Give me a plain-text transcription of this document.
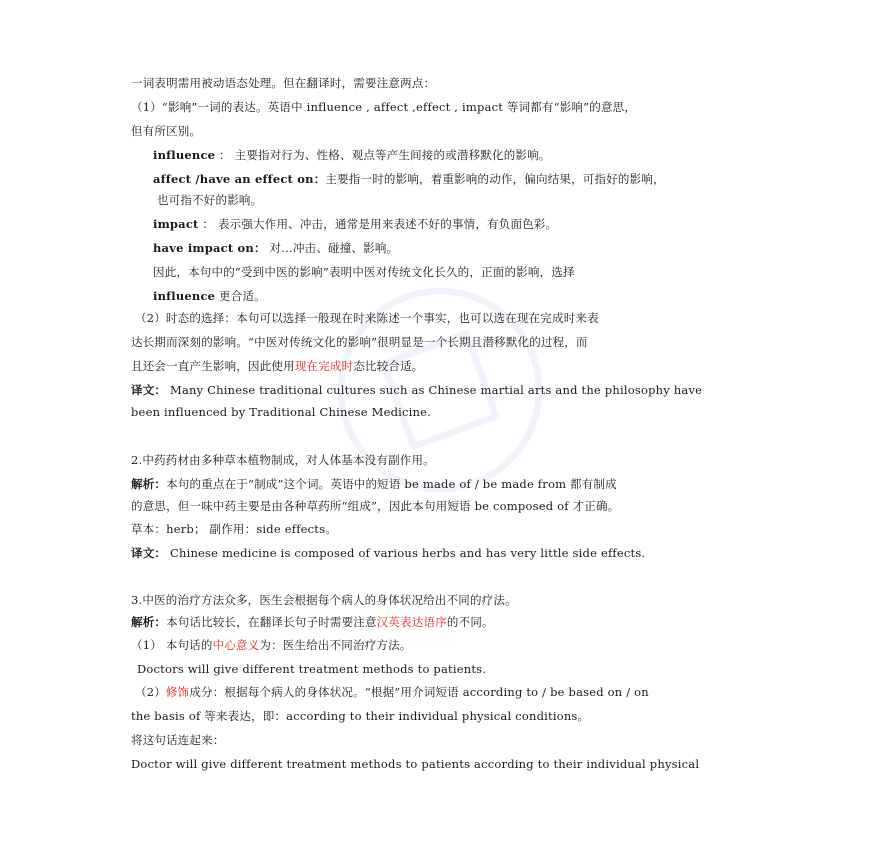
一词表明需用被动语态处理。但在翻译时，需要注意两点：
（1）“影响”一词的表达。英语中 influence , affect ,effect , impact 等词都有“影响”的意思，
但有所区别。
influence ： 主要指对行为、性格、观点等产生间接的或潜移默化的影响。
affect /have an effect on：主要指一时的影响，着重影响的动作，偏向结果，可指好的影响，
也可指不好的影响。
impact ： 表示强大作用、冲击，通常是用来表述不好的事情，有负面色彩。
have impact on： 对…冲击、碰撞、影响。
因此，本句中的“受到中医的影响”表明中医对传统文化长久的，正面的影响，选择
influence 更合适。
（2）时态的选择：本句可以选择一般现在时来陈述一个事实，也可以选在现在完成时来表
达长期而深刻的影响。“中医对传统文化的影响”很明显是一个长期且潜移默化的过程，而
且还会一直产生影响，因此使用现在完成时态比较合适。
译文： Many Chinese traditional cultures such as Chinese martial arts and the philosophy have
been influenced by Traditional Chinese Medicine.
2.中药药材由多种草本植物制成，对人体基本没有副作用。
解析：本句的重点在于“制成”这个词。英语中的短语 be made of / be made from 都有制成
的意思，但一味中药主要是由各种草药所“组成”，因此本句用短语 be composed of 才正确。
草本：herb； 副作用：side effects。
译文： Chinese medicine is composed of various herbs and has very little side effects.
3.中医的治疗方法众多，医生会根据每个病人的身体状况给出不同的疗法。
解析：本句话比较长，在翻译长句子时需要注意汉英表达语序的不同。
（1） 本句话的中心意义为：医生给出不同治疗方法。
Doctors will give different treatment methods to patients.
（2）修饰成分：根据每个病人的身体状况。“根据”用介词短语 according to / be based on / on
the basis of 等来表达，即：according to their individual physical conditions。
将这句话连起来：
Doctor will give different treatment methods to patients according to their individual physical
